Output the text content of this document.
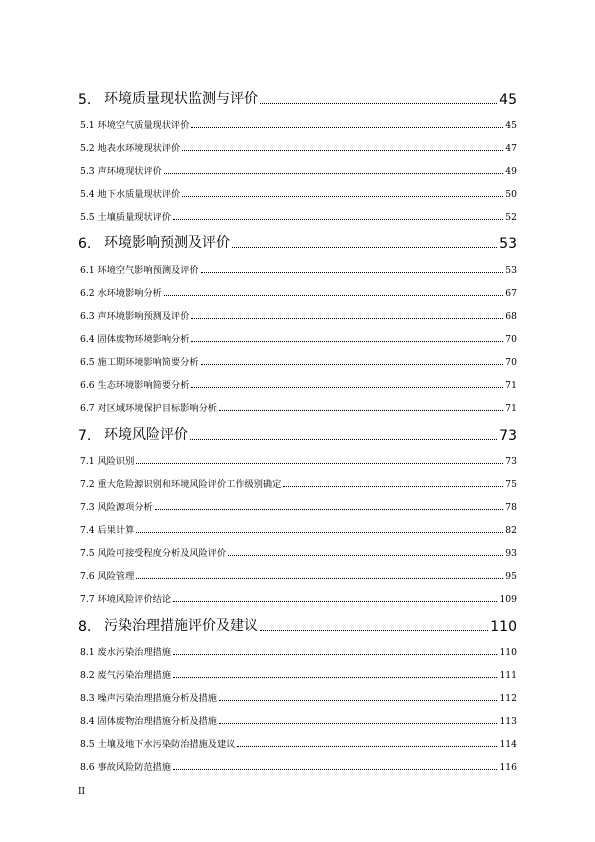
5. 环境质量现状监测与评价	45
5.1 环境空气质量现状评价	45
5.2 地表水环境现状评价	47
5.3 声环境现状评价	49
5.4 地下水质量现状评价	50
5.5 土壤质量现状评价	52
6. 环境影响预测及评价	53
6.1 环境空气影响预测及评价	53
6.2 水环境影响分析	67
6.3 声环境影响预测及评价	68
6.4 固体废物环境影响分析	70
6.5 施工期环境影响简要分析	70
6.6 生态环境影响简要分析	71
6.7 对区域环境保护目标影响分析	71
7. 环境风险评价	73
7.1 风险识别	73
7.2 重大危险源识别和环境风险评价工作级别确定	75
7.3 风险源项分析	78
7.4 后果计算	82
7.5 风险可接受程度分析及风险评价	93
7.6 风险管理	95
7.7 环境风险评价结论	109
8. 污染治理措施评价及建议	110
8.1 废水污染治理措施	110
8.2 废气污染治理措施	111
8.3 噪声污染治理措施分析及措施	112
8.4 固体废物治理措施分析及措施	113
8.5 土壤及地下水污染防治措施及建议	114
8.6 事故风险防范措施	116
II
